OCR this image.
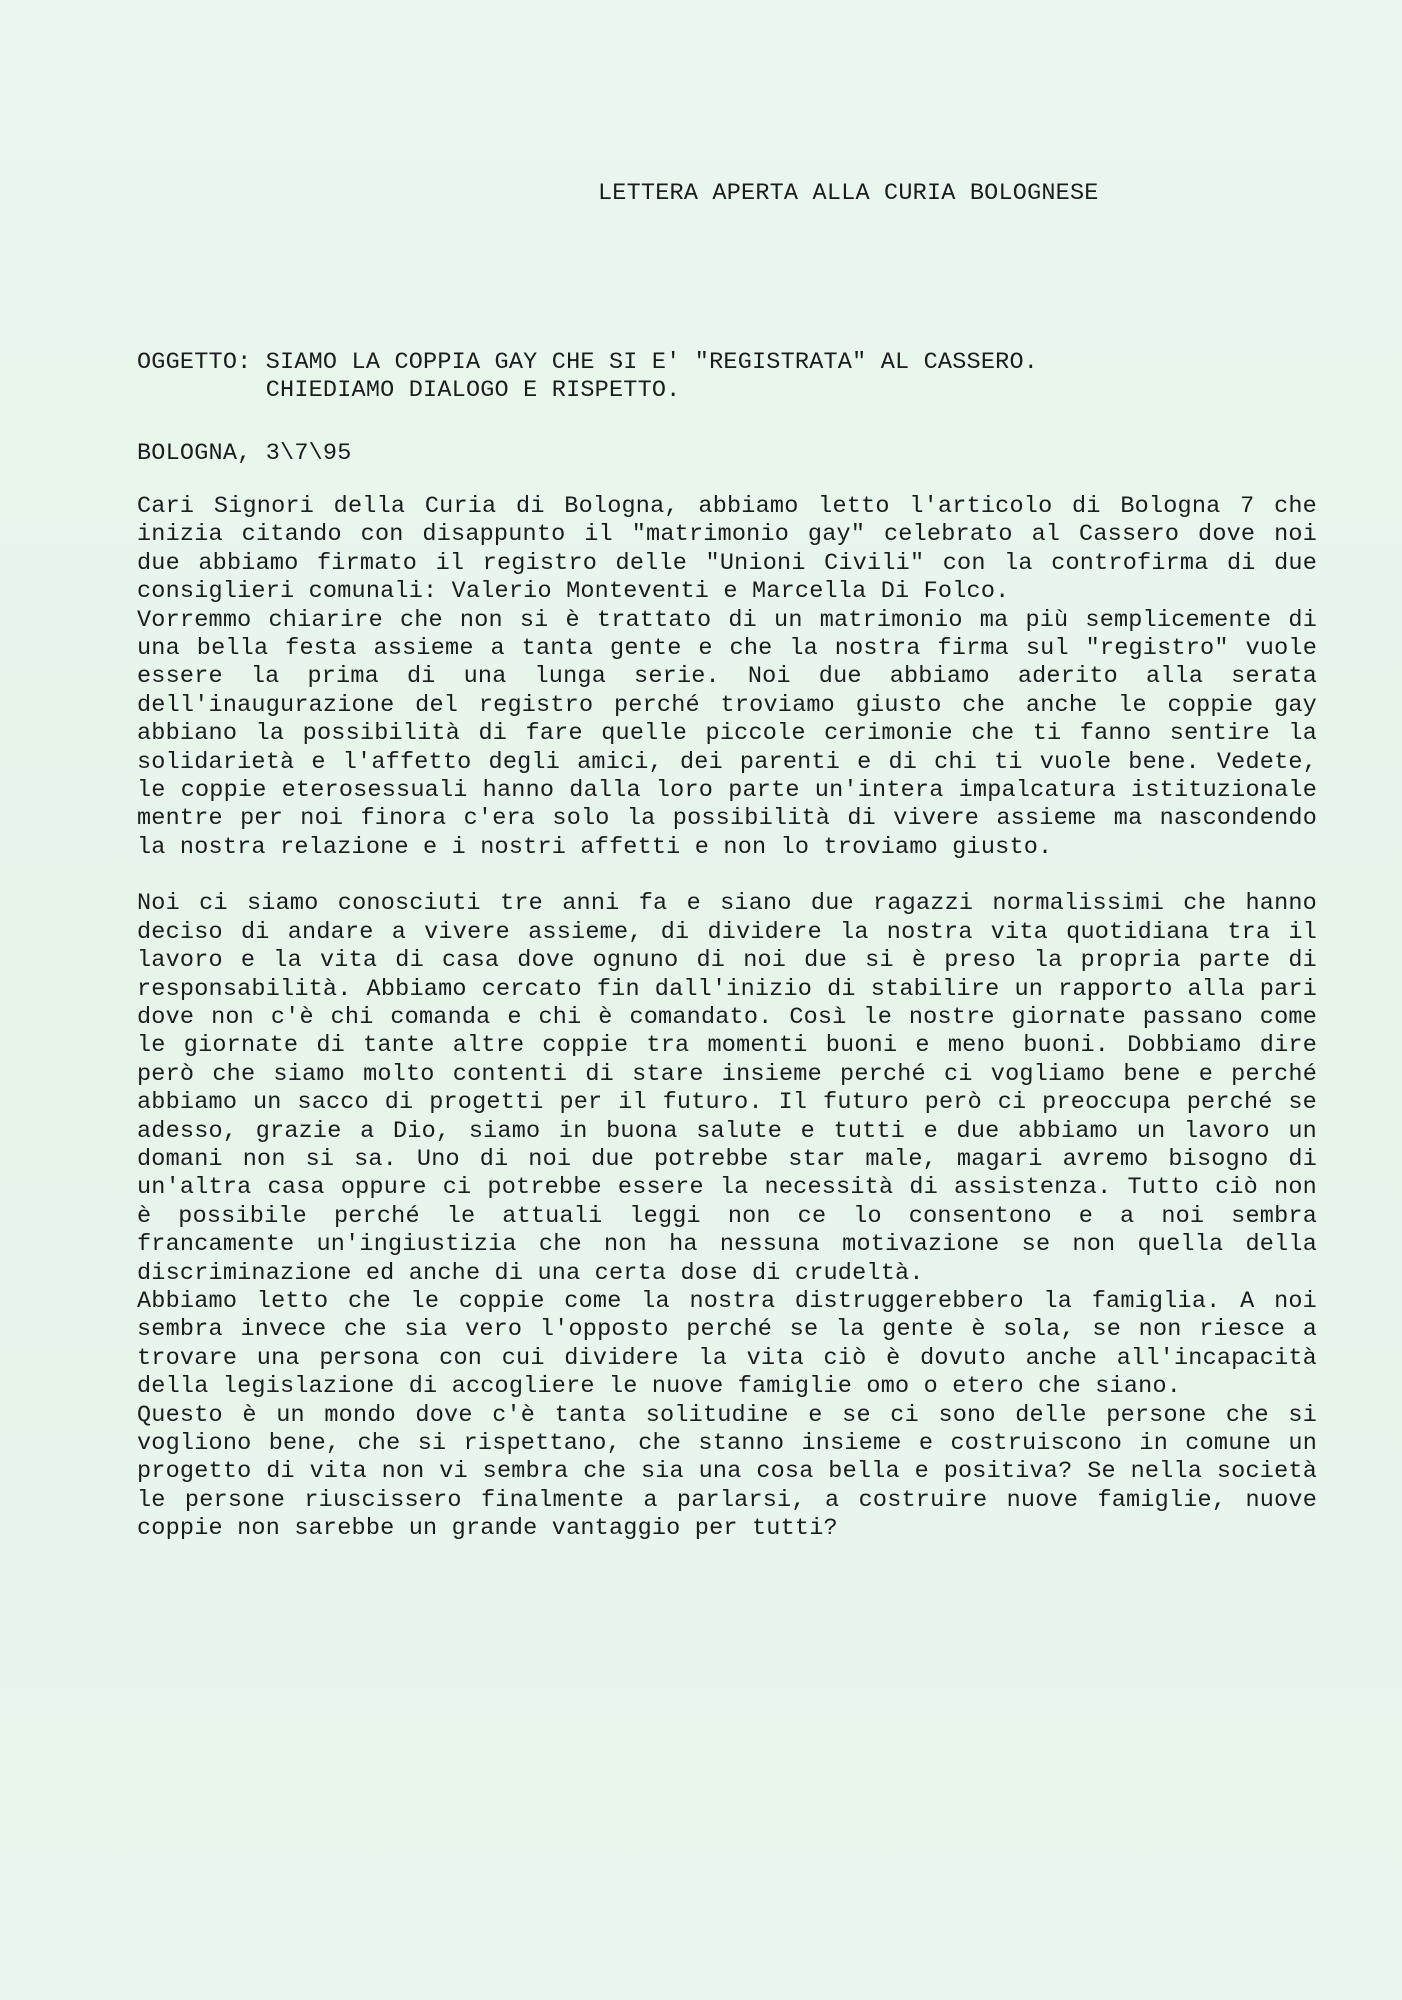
LETTERA APERTA ALLA CURIA BOLOGNESE
OGGETTO: SIAMO LA COPPIA GAY CHE SI E' "REGISTRATA" AL CASSERO.
CHIEDIAMO DIALOGO E RISPETTO.
BOLOGNA, 3\7\95

Cari Signori della Curia di Bologna, abbiamo letto l'articolo di Bologna 7 che inizia citando con disappunto il "matrimonio gay" celebrato al Cassero dove noi due abbiamo firmato il registro delle "Unioni Civili" con la controfirma di due consiglieri comunali: Valerio Monteventi e Marcella Di Folco.

Vorremmo chiarire che non si è trattato di un matrimonio ma più semplicemente di una bella festa assieme a tanta gente e che la nostra firma sul "registro" vuole essere la prima di una lunga serie. Noi due abbiamo aderito alla serata dell'inaugurazione del registro perché troviamo giusto che anche le coppie gay abbiano la possibilità di fare quelle piccole cerimonie che ti fanno sentire la solidarietà e l'affetto degli amici, dei parenti e di chi ti vuole bene. Vedete, le coppie eterosessuali hanno dalla loro parte un'intera impalcatura istituzionale mentre per noi finora c'era solo la possibilità di vivere assieme ma nascondendo la nostra relazione e i nostri affetti e non lo troviamo giusto.

Noi ci siamo conosciuti tre anni fa e siano due ragazzi normalissimi che hanno deciso di andare a vivere assieme, di dividere la nostra vita quotidiana tra il lavoro e la vita di casa dove ognuno di noi due si è preso la propria parte di responsabilità. Abbiamo cercato fin dall'inizio di stabilire un rapporto alla pari dove non c'è chi comanda e chi è comandato. Così le nostre giornate passano come le giornate di tante altre coppie tra momenti buoni e meno buoni. Dobbiamo dire però che siamo molto contenti di stare insieme perché ci vogliamo bene e perché abbiamo un sacco di progetti per il futuro. Il futuro però ci preoccupa perché se adesso, grazie a Dio, siamo in buona salute e tutti e due abbiamo un lavoro un domani non si sa. Uno di noi due potrebbe star male, magari avremo bisogno di un'altra casa oppure ci potrebbe essere la necessità di assistenza. Tutto ciò non è possibile perché le attuali leggi non ce lo consentono e a noi sembra francamente un'ingiustizia che non ha nessuna motivazione se non quella della discriminazione ed anche di una certa dose di crudeltà.

Abbiamo letto che le coppie come la nostra distruggerebbero la famiglia. A noi sembra invece che sia vero l'opposto perché se la gente è sola, se non riesce a trovare una persona con cui dividere la vita ciò è dovuto anche all'incapacità della legislazione di accogliere le nuove famiglie omo o etero che siano.

Questo è un mondo dove c'è tanta solitudine e se ci sono delle persone che si vogliono bene, che si rispettano, che stanno insieme e costruiscono in comune un progetto di vita non vi sembra che sia una cosa bella e positiva? Se nella società le persone riuscissero finalmente a parlarsi, a costruire nuove famiglie, nuove coppie non sarebbe un grande vantaggio per tutti?
